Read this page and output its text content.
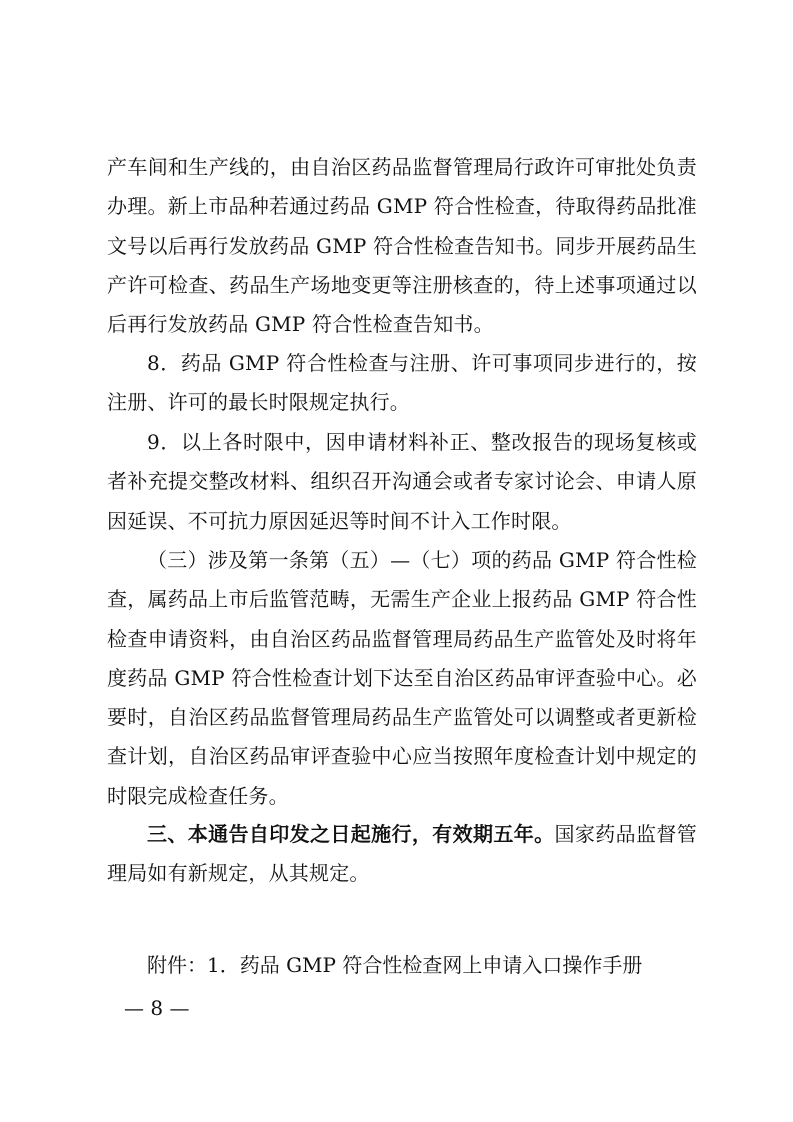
产车间和生产线的，由自治区药品监督管理局行政许可审批处负责办理。新上市品种若通过药品 GMP 符合性检查，待取得药品批准文号以后再行发放药品 GMP 符合性检查告知书。同步开展药品生产许可检查、药品生产场地变更等注册核查的，待上述事项通过以后再行发放药品 GMP 符合性检查告知书。

8．药品 GMP 符合性检查与注册、许可事项同步进行的，按注册、许可的最长时限规定执行。

9．以上各时限中，因申请材料补正、整改报告的现场复核或者补充提交整改材料、组织召开沟通会或者专家讨论会、申请人原因延误、不可抗力原因延迟等时间不计入工作时限。

（三）涉及第一条第（五）—（七）项的药品 GMP 符合性检查，属药品上市后监管范畴，无需生产企业上报药品 GMP 符合性检查申请资料，由自治区药品监督管理局药品生产监管处及时将年度药品 GMP 符合性检查计划下达至自治区药品审评查验中心。必要时，自治区药品监督管理局药品生产监管处可以调整或者更新检查计划，自治区药品审评查验中心应当按照年度检查计划中规定的时限完成检查任务。

三、本通告自印发之日起施行，有效期五年。国家药品监督管理局如有新规定，从其规定。

附件：1．药品 GMP 符合性检查网上申请入口操作手册

— 8 —
